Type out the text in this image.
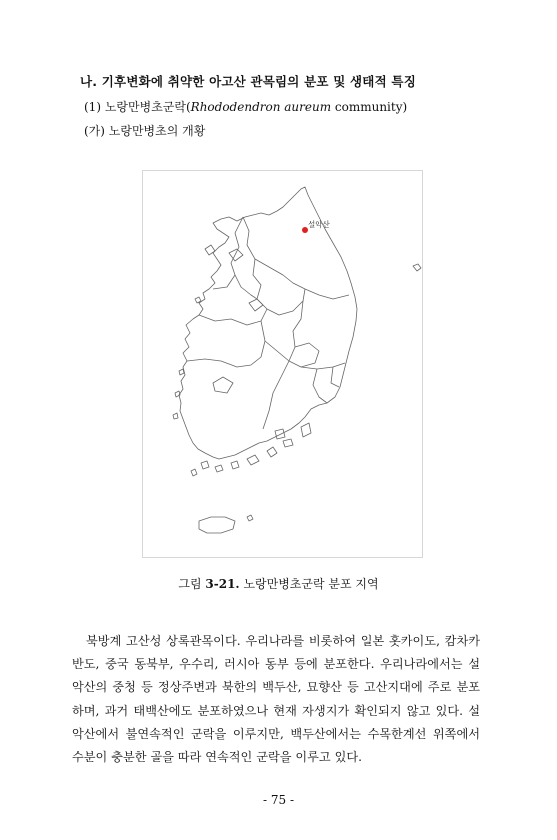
나. 기후변화에 취약한 아고산 관목림의 분포 및 생태적 특징
(1) 노랑만병초군락(Rhododendron aureum community)
(가) 노랑만병초의 개황
설악산
그림 3-21. 노랑만병초군락 분포 지역
북방계 고산성 상록관목이다. 우리나라를 비롯하여 일본 홋카이도, 캄차카
반도, 중국 동북부, 우수리, 러시아 동부 등에 분포한다. 우리나라에서는 설
악산의 중청 등 정상주변과 북한의 백두산, 묘향산 등 고산지대에 주로 분포
하며, 과거 태백산에도 분포하였으나 현재 자생지가 확인되지 않고 있다. 설
악산에서 불연속적인 군락을 이루지만, 백두산에서는 수목한계선 위쪽에서
수분이 충분한 골을 따라 연속적인 군락을 이루고 있다.
- 75 -
